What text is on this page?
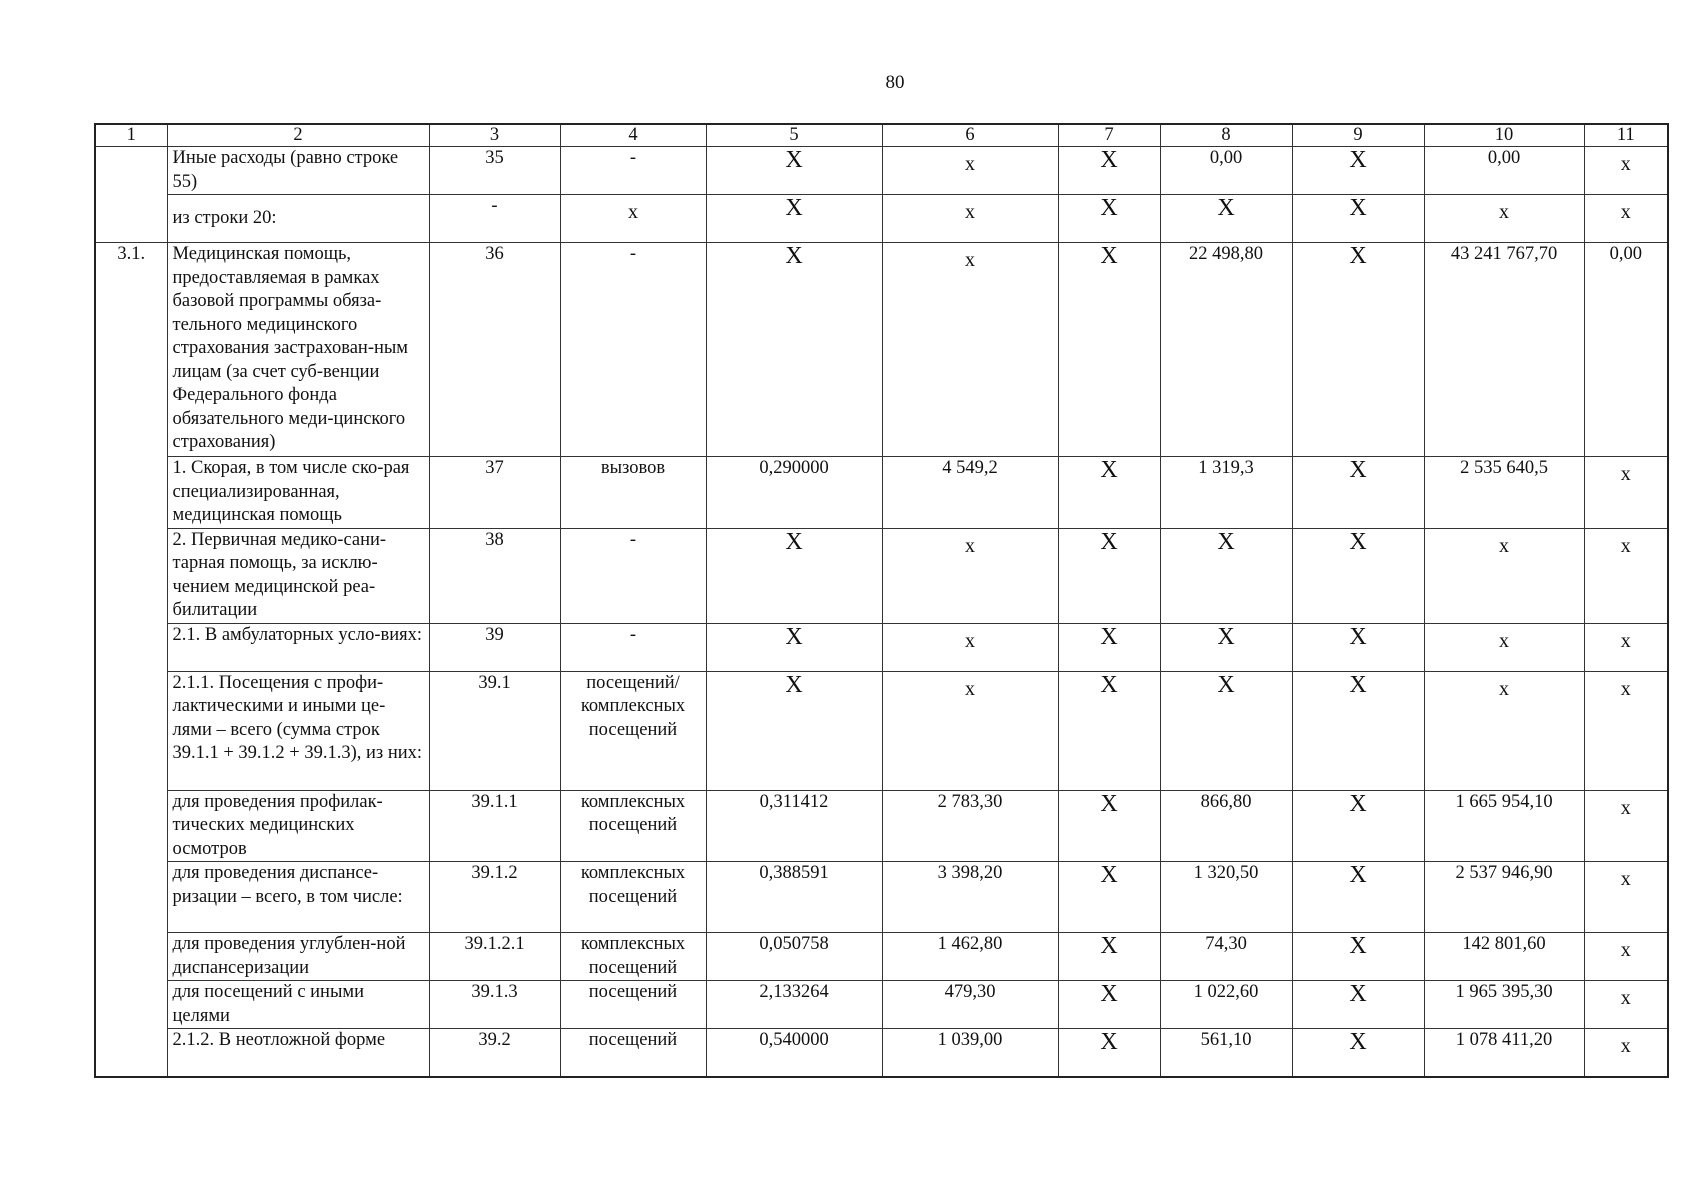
80
1	2	3	4	5	6	7	8	9	10	11
	Иные расходы (равно строке 55)	35	-	X	x	X	0,00	X	0,00	x
	из строки 20:	-	x	X	x	X	X	X	x	x
3.1.	Медицинская помощь, предоставляемая в рамках базовой программы обяза-тельного медицинского страхования застрахован-ным лицам (за счет суб-венции Федерального фонда обязательного меди-цинского страхования)	36	-	X	x	X	22 498,80	X	43 241 767,70	0,00
	1. Скорая, в том числе ско-рая специализированная, медицинская помощь	37	вызовов	0,290000	4 549,2	X	1 319,3	X	2 535 640,5	x
	2. Первичная медико-сани-тарная помощь, за исклю-чением медицинской реа-билитации	38	-	X	x	X	X	X	x	x
	2.1. В амбулаторных усло-виях:	39	-	X	x	X	X	X	x	x
	2.1.1. Посещения с профи-лактическими и иными це-лями – всего (сумма строк 39.1.1 + 39.1.2 + 39.1.3), из них:	39.1	посещений/ комплексных посещений	X	x	X	X	X	x	x
	для проведения профилак-тических медицинских осмотров	39.1.1	комплексных посещений	0,311412	2 783,30	X	866,80	X	1 665 954,10	x
	для проведения диспансе-ризации – всего, в том числе:	39.1.2	комплексных посещений	0,388591	3 398,20	X	1 320,50	X	2 537 946,90	x
	для проведения углублен-ной диспансеризации	39.1.2.1	комплексных посещений	0,050758	1 462,80	X	74,30	X	142 801,60	x
	для посещений с иными целями	39.1.3	посещений	2,133264	479,30	X	1 022,60	X	1 965 395,30	x
	2.1.2. В неотложной форме	39.2	посещений	0,540000	1 039,00	X	561,10	X	1 078 411,20	x
